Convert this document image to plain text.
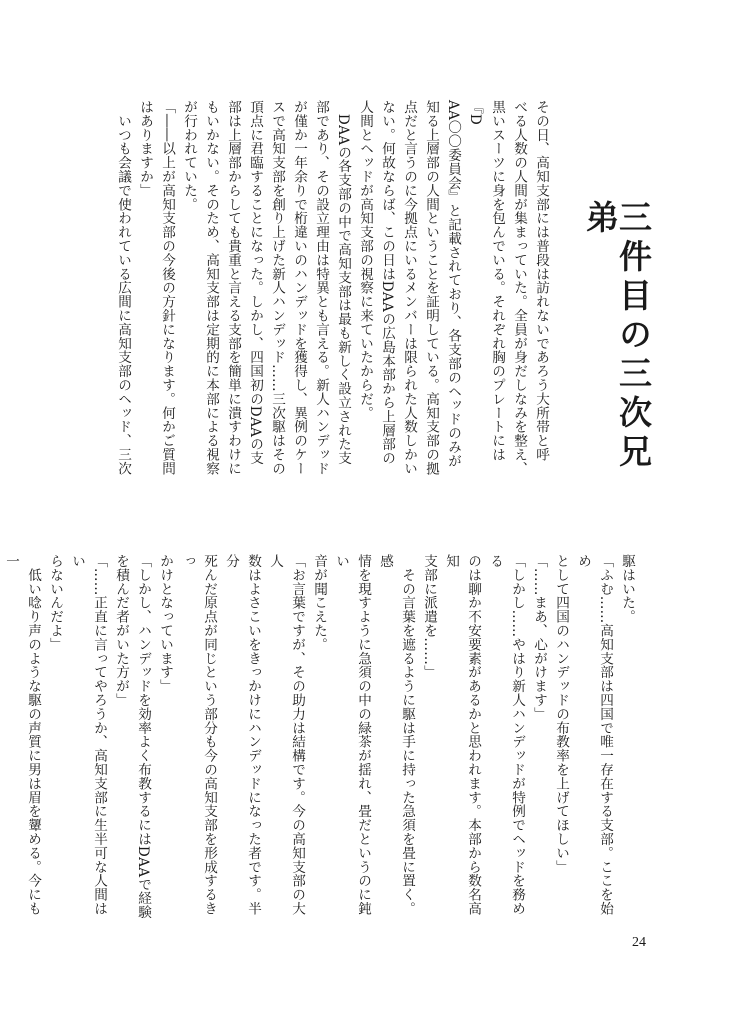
三件目の三次兄弟

その日、高知支部には普段は訪れないであろう大所帯と呼

べる人数の人間が集まっていた。全員が身だしなみを整え、

黒いスーツに身を包んでいる。それぞれ胸のプレートには『D

AA〇〇委員会』と記載されており、各支部のヘッドのみが

知る上層部の人間ということを証明している。高知支部の拠

点だと言うのに今拠点にいるメンバーは限られた人数しかい

ない。何故ならば、この日はDAAの広島本部から上層部の

人間とヘッドが高知支部の視察に来ていたからだ。

　DAAの各支部の中で高知支部は最も新しく設立された支

部であり、その設立理由は特異とも言える。新人ハンデッド

が僅か一年余りで桁違いのハンデッドを獲得し、異例のケー

スで高知支部を創り上げた新人ハンデッド……三次駆はその

頂点に君臨することになった。しかし、四国初のDAAの支

部は上層部からしても貴重と言える支部を簡単に潰すわけに

もいかない。そのため、高知支部は定期的に本部による視察

が行われていた。

「――以上が高知支部の今後の方針になります。何かご質問

はありますか」

　いつも会議で使われている広間に高知支部のヘッド、三次

駆はいた。

「ふむ……高知支部は四国で唯一存在する支部。ここを始め

として四国のハンデッドの布教率を上げてほしい」

「……まあ、心がけます」

「しかし……やはり新人ハンデッドが特例でヘッドを務める

のは聊か不安要素があるかと思われます。本部から数名高知

支部に派遣を……」

　その言葉を遮るように駆は手に持った急須を畳に置く。感

情を現すように急須の中の緑茶が揺れ、畳だというのに鈍い

音が聞こえた。

「お言葉ですが、その助力は結構です。今の高知支部の大人

数はよさこいをきっかけにハンデッドになった者です。半分

死んだ原点が同じという部分も今の高知支部を形成するきっ

かけとなっています」

「しかし、ハンデッドを効率よく布教するにはDAAで経験

を積んだ者がいた方が」

「……正直に言ってやろうか、高知支部に生半可な人間はい

らないんだよ」

　低い唸り声のような駆の声質に男は眉を顰める。今にも一

24
